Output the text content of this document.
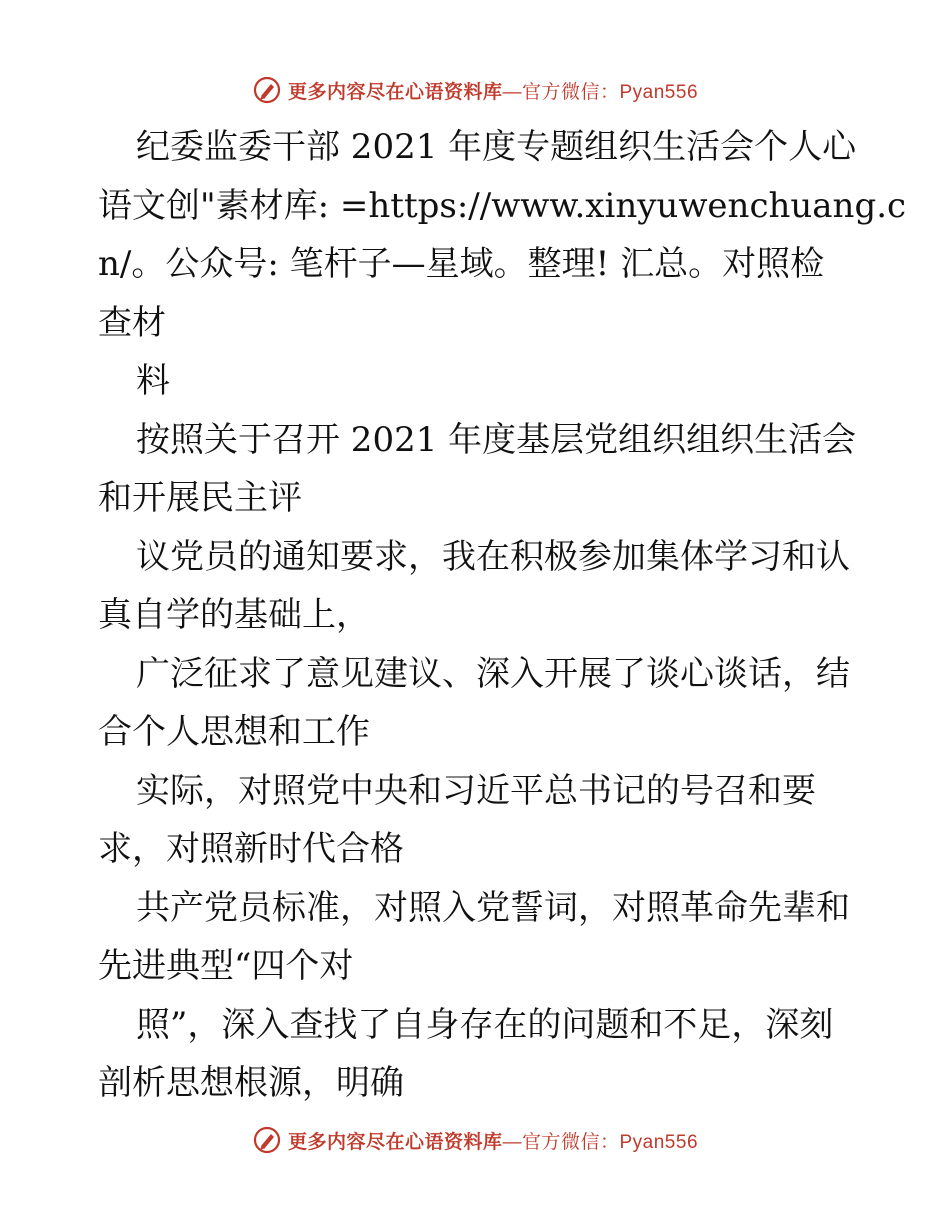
更多内容尽在心语资料库 —官方微信：Pyan556

纪委监委干部 2021 年度专题组织生活会个人心

语文创"素材库: =https://www.xinyuwenchuang.c

n/。公众号: 笔杆子—星域。整理! 汇总。对照检

查材

料

按照关于召开 2021 年度基层党组织组织生活会

和开展民主评

议党员的通知要求，我在积极参加集体学习和认

真自学的基础上，

广泛征求了意见建议、深入开展了谈心谈话，结

合个人思想和工作

实际，对照党中央和习近平总书记的号召和要

求，对照新时代合格

共产党员标准，对照入党誓词，对照革命先辈和

先进典型“四个对

照”，深入查找了自身存在的问题和不足，深刻

剖析思想根源，明确

更多内容尽在心语资料库 —官方微信：Pyan556
